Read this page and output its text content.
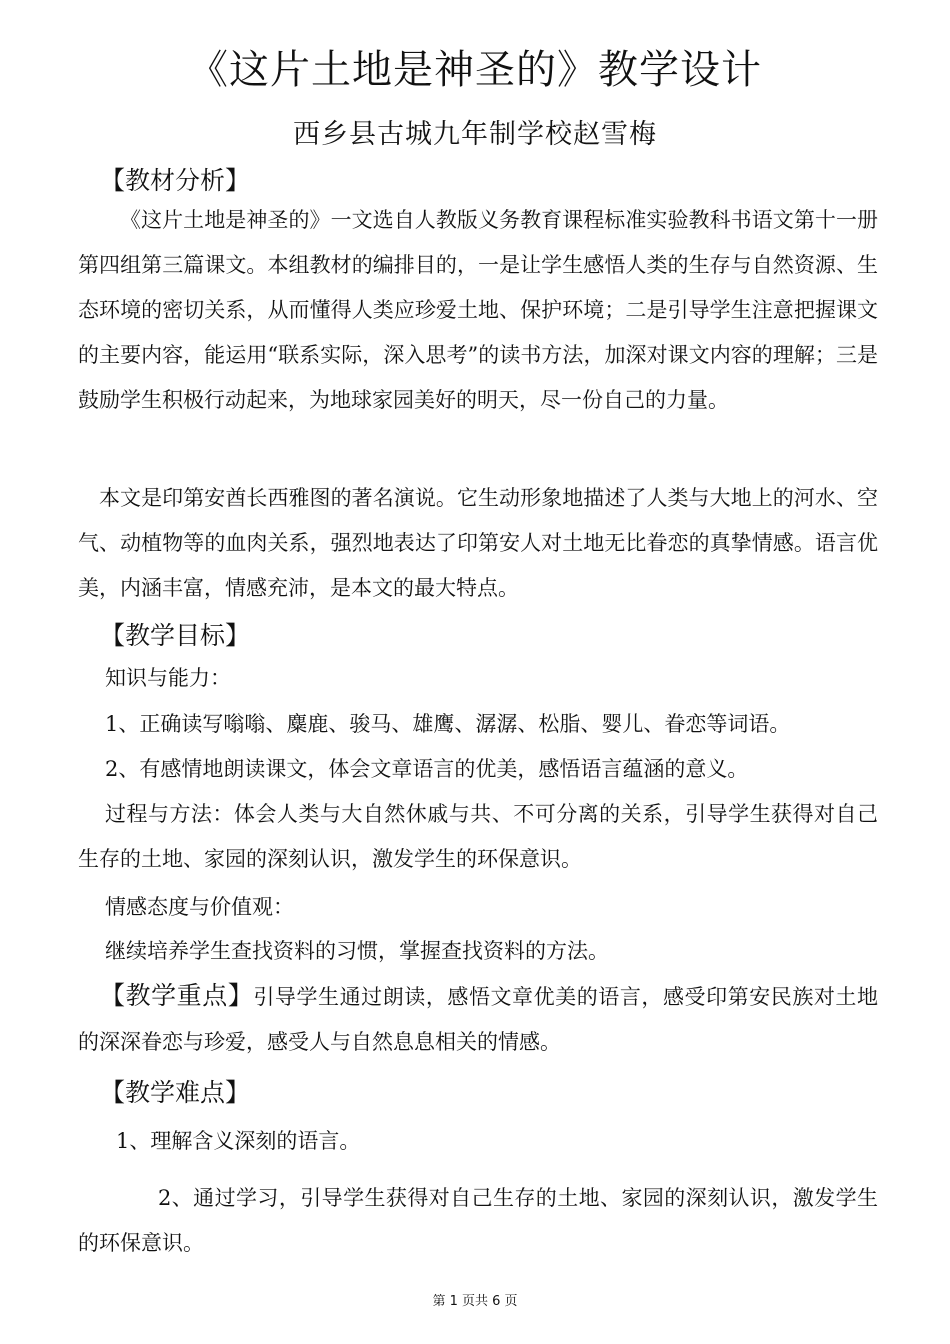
《这片土地是神圣的》教学设计
西乡县古城九年制学校赵雪梅
【教材分析】
《这片土地是神圣的》一文选自人教版义务教育课程标准实验教科书语文第十一册第四组第三篇课文。本组教材的编排目的，一是让学生感悟人类的生存与自然资源、生态环境的密切关系，从而懂得人类应珍爱土地、保护环境；二是引导学生注意把握课文的主要内容，能运用“联系实际，深入思考”的读书方法，加深对课文内容的理解；三是鼓励学生积极行动起来，为地球家园美好的明天，尽一份自己的力量。
本文是印第安酋长西雅图的著名演说。它生动形象地描述了人类与大地上的河水、空气、动植物等的血肉关系，强烈地表达了印第安人对土地无比眷恋的真挚情感。语言优美，内涵丰富，情感充沛，是本文的最大特点。
【教学目标】
知识与能力：
1、正确读写嗡嗡、麋鹿、骏马、雄鹰、潺潺、松脂、婴儿、眷恋等词语。
2、有感情地朗读课文，体会文章语言的优美，感悟语言蕴涵的意义。
过程与方法：体会人类与大自然休戚与共、不可分离的关系，引导学生获得对自己生存的土地、家园的深刻认识，激发学生的环保意识。
情感态度与价值观：
继续培养学生查找资料的习惯，掌握查找资料的方法。
【教学重点】引导学生通过朗读，感悟文章优美的语言，感受印第安民族对土地的深深眷恋与珍爱，感受人与自然息息相关的情感。
【教学难点】
1、理解含义深刻的语言。
2、通过学习，引导学生获得对自己生存的土地、家园的深刻认识，激发学生的环保意识。
第 1 页共 6 页
